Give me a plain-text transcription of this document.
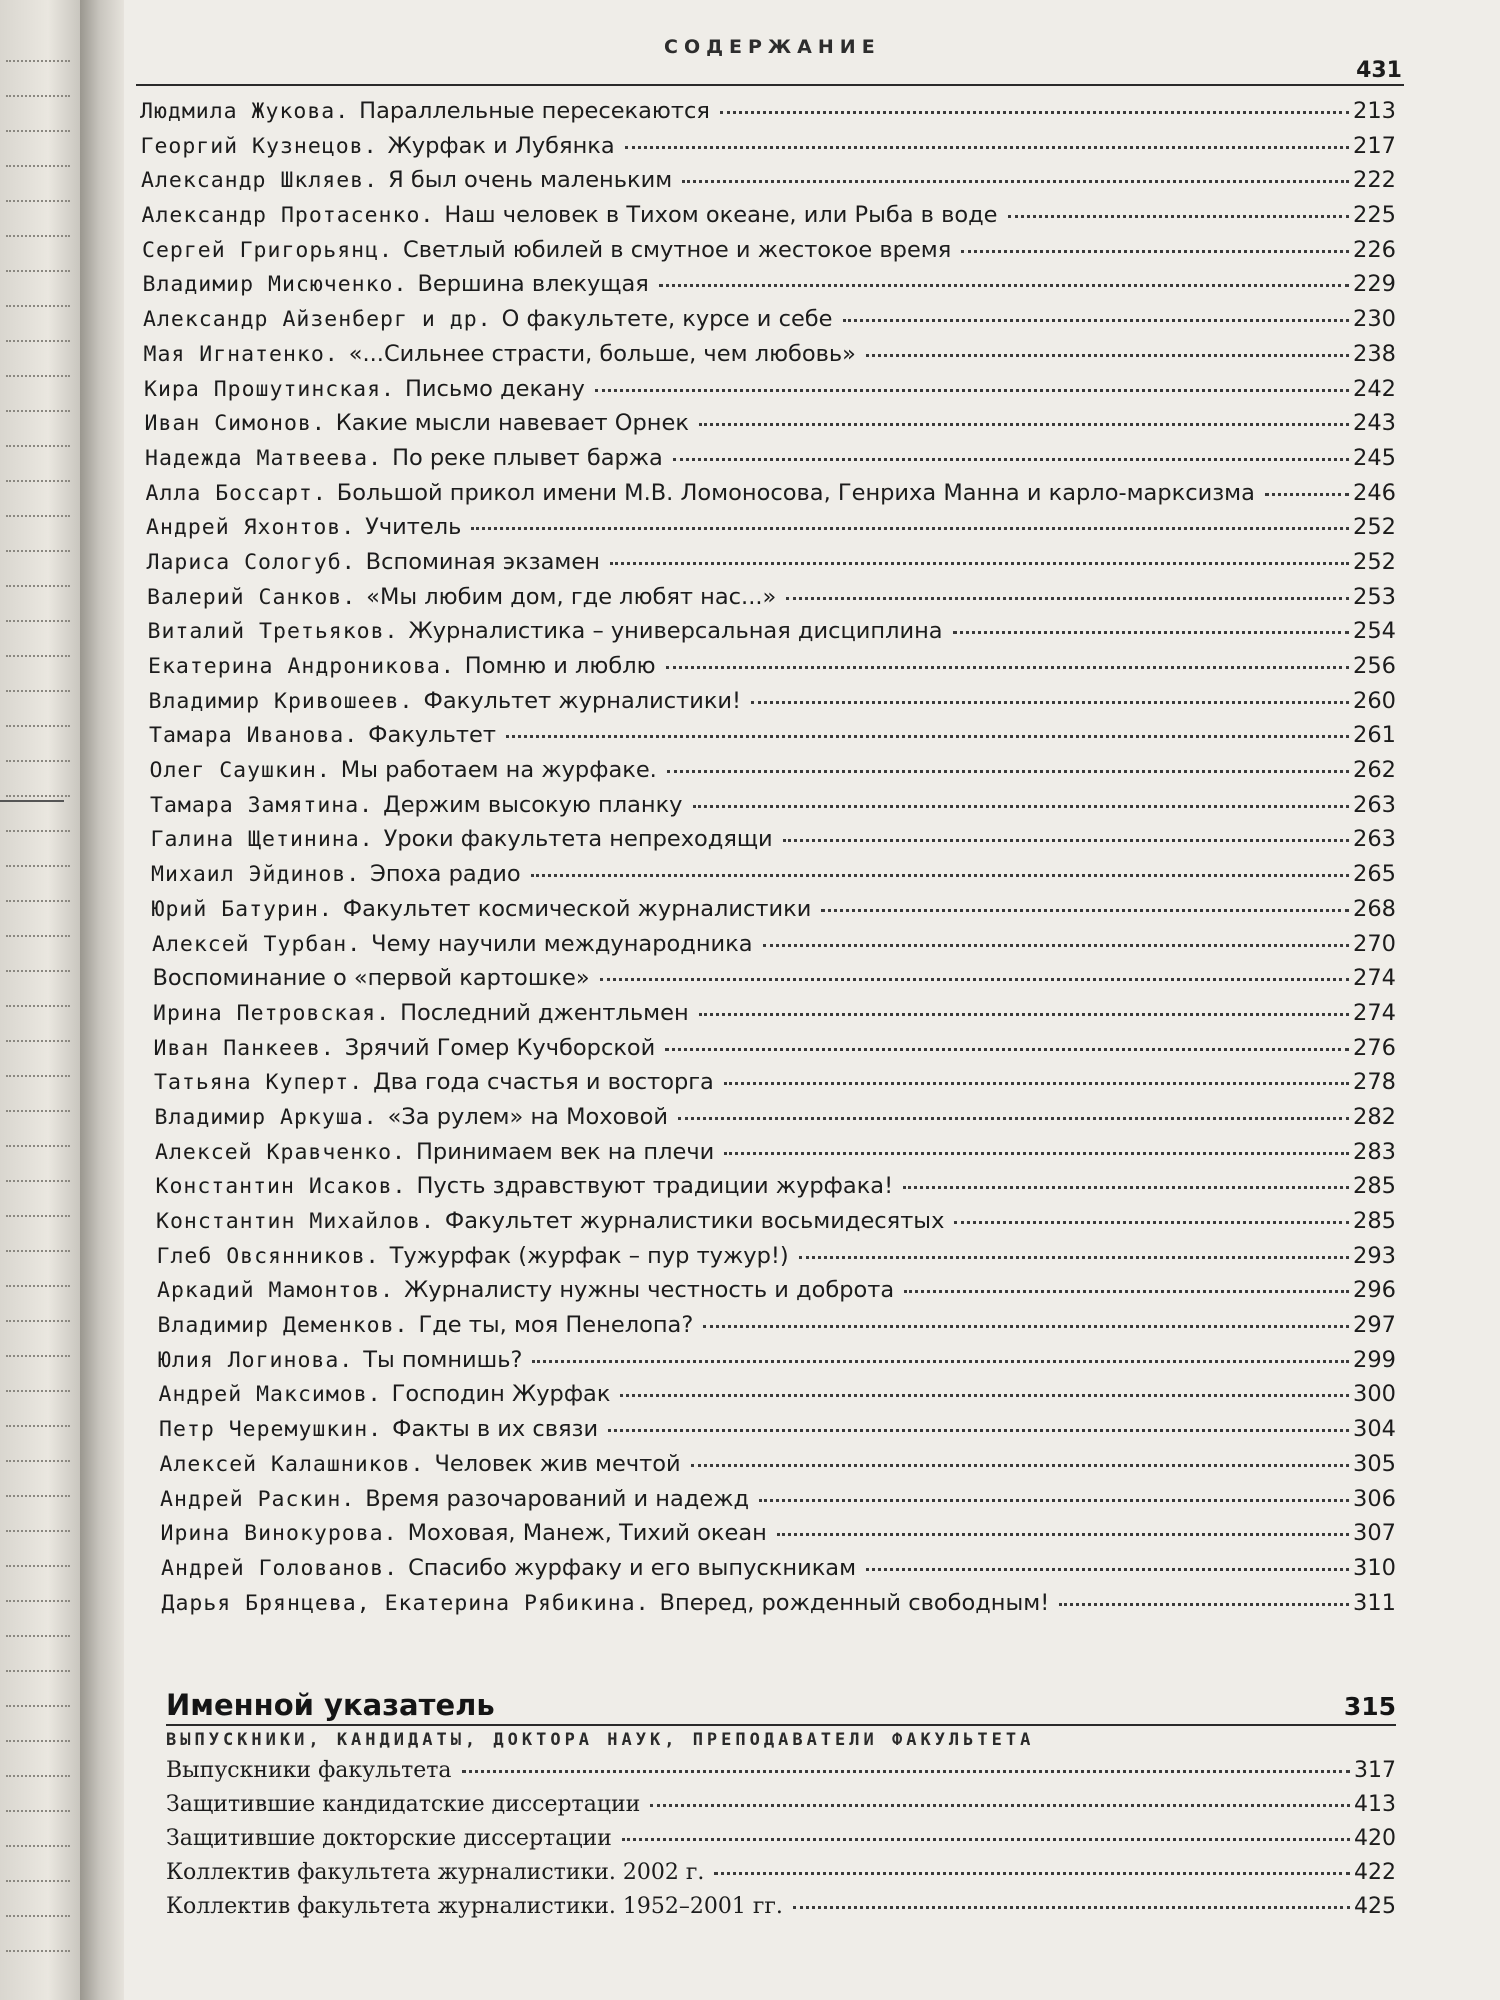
СОДЕРЖАНИЕ
431
Людмила Жукова. Параллельные пересекаются	213
Георгий Кузнецов. Журфак и Лубянка	217
Александр Шкляев. Я был очень маленьким	222
Александр Протасенко. Наш человек в Тихом океане, или Рыба в воде	225
Сергей Григорьянц. Светлый юбилей в смутное и жестокое время	226
Владимир Мисюченко. Вершина влекущая	229
Александр Айзенберг и др. О факультете, курсе и себе	230
Мая Игнатенко. «...Сильнее страсти, больше, чем любовь»	238
Кира Прошутинская. Письмо декану	242
Иван Симонов. Какие мысли навевает Орнек	243
Надежда Матвеева. По реке плывет баржа	245
Алла Боссарт. Большой прикол имени М.В. Ломоносова, Генриха Манна и карло-марксизма	246
Андрей Яхонтов. Учитель	252
Лариса Сологуб. Вспоминая экзамен	252
Валерий Санков. «Мы любим дом, где любят нас...»	253
Виталий Третьяков. Журналистика – универсальная дисциплина	254
Екатерина Андроникова. Помню и люблю	256
Владимир Кривошеев. Факультет журналистики!	260
Тамара Иванова. Факультет	261
Олег Саушкин. Мы работаем на журфаке.	262
Тамара Замятина. Держим высокую планку	263
Галина Щетинина. Уроки факультета непреходящи	263
Михаил Эйдинов. Эпоха радио	265
Юрий Батурин. Факультет космической журналистики	268
Алексей Турбан. Чему научили международника	270
Воспоминание о «первой картошке»	274
Ирина Петровская. Последний джентльмен	274
Иван Панкеев. Зрячий Гомер Кучборской	276
Татьяна Куперт. Два года счастья и восторга	278
Владимир Аркуша. «За рулем» на Моховой	282
Алексей Кравченко. Принимаем век на плечи	283
Константин Исаков. Пусть здравствуют традиции журфака!	285
Константин Михайлов. Факультет журналистики восьмидесятых	285
Глеб Овсянников. Тужурфак (журфак – пур тужур!)	293
Аркадий Мамонтов. Журналисту нужны честность и доброта	296
Владимир Деменков. Где ты, моя Пенелопа?	297
Юлия Логинова. Ты помнишь?	299
Андрей Максимов. Господин Журфак	300
Петр Черемушкин. Факты в их связи	304
Алексей Калашников. Человек жив мечтой	305
Андрей Раскин. Время разочарований и надежд	306
Ирина Винокурова. Моховая, Манеж, Тихий океан	307
Андрей Голованов. Спасибо журфаку и его выпускникам	310
Дарья Брянцева, Екатерина Рябикина. Вперед, рожденный свободным!	311
Именной указатель	315
ВЫПУСКНИКИ, КАНДИДАТЫ, ДОКТОРА НАУК, ПРЕПОДАВАТЕЛИ ФАКУЛЬТЕТА
Выпускники факультета	317
Защитившие кандидатские диссертации	413
Защитившие докторские диссертации	420
Коллектив факультета журналистики. 2002 г.	422
Коллектив факультета журналистики. 1952–2001 гг.	425
